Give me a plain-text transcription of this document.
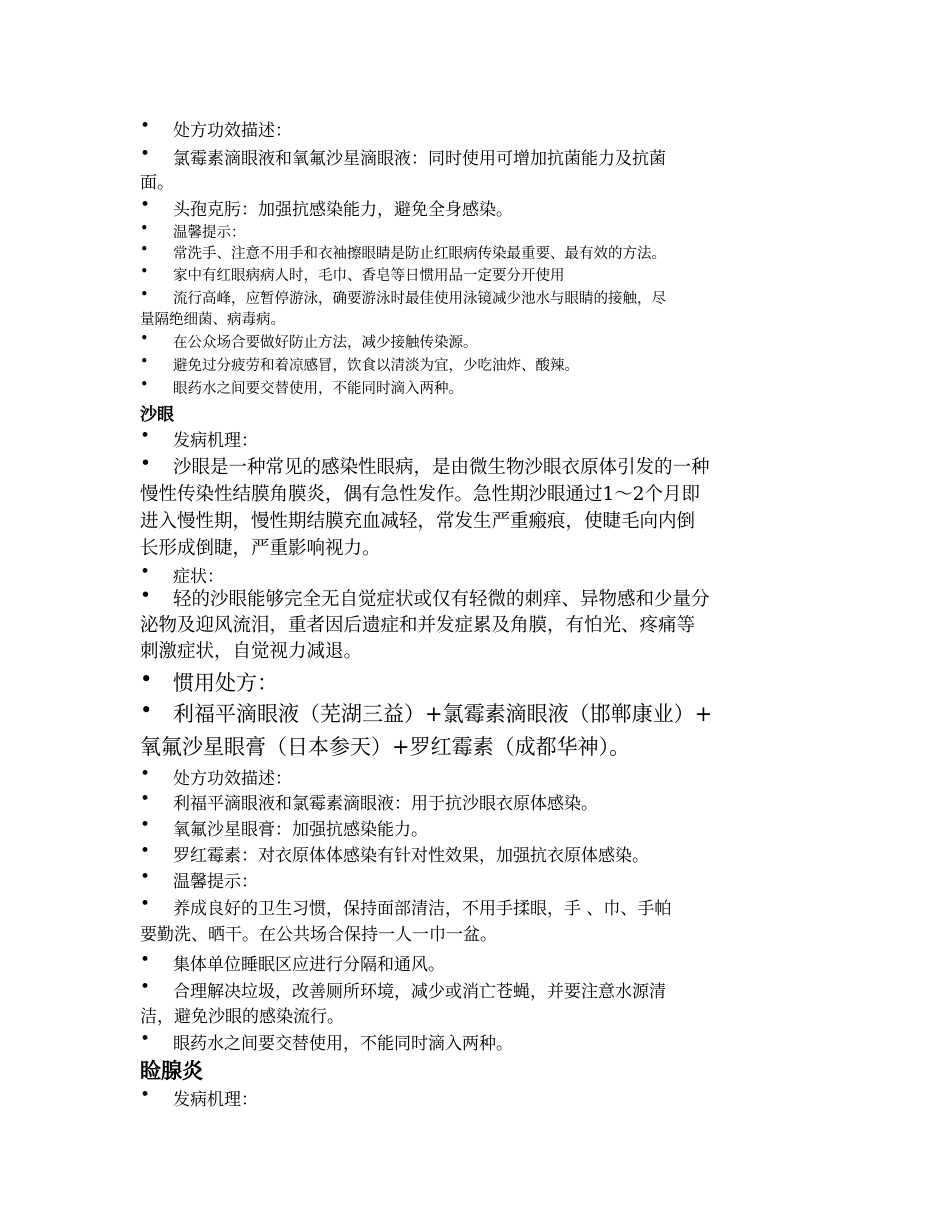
• 处方功效描述：
• 氯霉素滴眼液和氧氟沙星滴眼液：同时使用可增加抗菌能力及抗菌
面。
• 头孢克肟：加强抗感染能力，避免全身感染。
• 温馨提示：
• 常洗手、注意不用手和衣袖擦眼睛是防止红眼病传染最重要、最有效的方法。
• 家中有红眼病病人时，毛巾、香皂等日惯用品一定要分开使用
• 流行高峰，应暂停游泳，确要游泳时最佳使用泳镜减少池水与眼睛的接触，尽
量隔绝细菌、病毒病。
• 在公众场合要做好防止方法，减少接触传染源。
• 避免过分疲劳和着凉感冒，饮食以清淡为宜，少吃油炸、酸辣。
• 眼药水之间要交替使用，不能同时滴入两种。
沙眼
• 发病机理：
• 沙眼是一种常见的感染性眼病，是由微生物沙眼衣原体引发的一种
慢性传染性结膜角膜炎，偶有急性发作。急性期沙眼通过1～2个月即
进入慢性期，慢性期结膜充血减轻，常发生严重瘢痕，使睫毛向内倒
长形成倒睫，严重影响视力。
• 症状：
• 轻的沙眼能够完全无自觉症状或仅有轻微的刺痒、异物感和少量分
泌物及迎风流泪，重者因后遗症和并发症累及角膜，有怕光、疼痛等
刺激症状，自觉视力减退。
• 惯用处方：
• 利福平滴眼液（芜湖三益）+氯霉素滴眼液（邯郸康业）+
氧氟沙星眼膏（日本参天）+罗红霉素（成都华神）。
• 处方功效描述：
• 利福平滴眼液和氯霉素滴眼液：用于抗沙眼衣原体感染。
• 氧氟沙星眼膏：加强抗感染能力。
• 罗红霉素：对衣原体体感染有针对性效果，加强抗衣原体感染。
• 温馨提示：
• 养成良好的卫生习惯，保持面部清洁，不用手揉眼，手 、巾、手帕
要勤洗、晒干。在公共场合保持一人一巾一盆。
• 集体单位睡眠区应进行分隔和通风。
• 合理解决垃圾，改善厕所环境，减少或消亡苍蝇，并要注意水源清
洁，避免沙眼的感染流行。
• 眼药水之间要交替使用，不能同时滴入两种。
睑腺炎
• 发病机理：
